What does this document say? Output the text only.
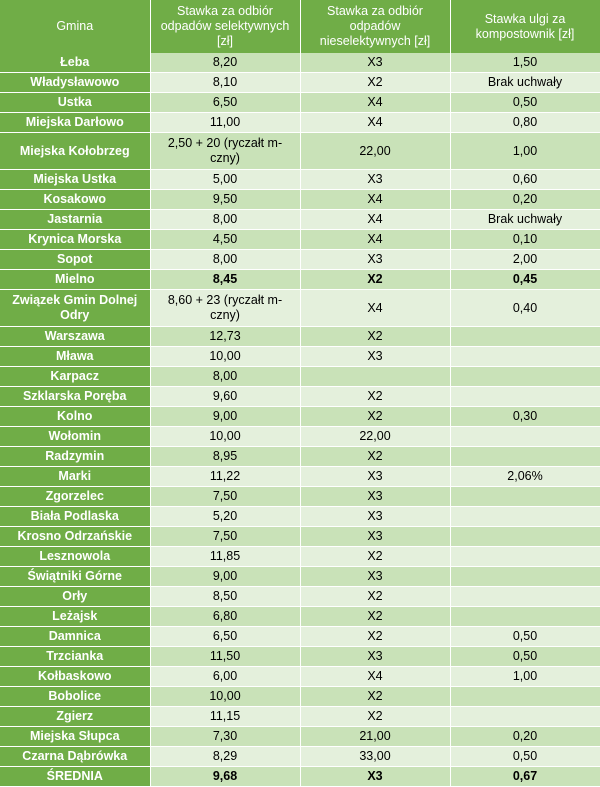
Gmina	Stawka za odbiór odpadów selektywnych [zł]	Stawka za odbiór odpadów nieselektywnych [zł]	Stawka ulgi za kompostownik [zł]
Łeba	8,20	X3	1,50
Władysławowo	8,10	X2	Brak uchwały
Ustka	6,50	X4	0,50
Miejska Darłowo	11,00	X4	0,80
Miejska Kołobrzeg	2,50 + 20 (ryczałt m-czny)	22,00	1,00
Miejska Ustka	5,00	X3	0,60
Kosakowo	9,50	X4	0,20
Jastarnia	8,00	X4	Brak uchwały
Krynica Morska	4,50	X4	0,10
Sopot	8,00	X3	2,00
Mielno	8,45	X2	0,45
Związek Gmin Dolnej Odry	8,60 + 23 (ryczałt m-czny)	X4	0,40
Warszawa	12,73	X2	
Mława	10,00	X3	
Karpacz	8,00		
Szklarska Poręba	9,60	X2	
Kolno	9,00	X2	0,30
Wołomin	10,00	22,00	
Radzymin	8,95	X2	
Marki	11,22	X3	2,06%
Zgorzelec	7,50	X3	
Biała Podlaska	5,20	X3	
Krosno Odrzańskie	7,50	X3	
Lesznowola	11,85	X2	
Świątniki Górne	9,00	X3	
Orły	8,50	X2	
Leżajsk	6,80	X2	
Damnica	6,50	X2	0,50
Trzcianka	11,50	X3	0,50
Kołbaskowo	6,00	X4	1,00
Bobolice	10,00	X2	
Zgierz	11,15	X2	
Miejska Słupca	7,30	21,00	0,20
Czarna Dąbrówka	8,29	33,00	0,50
ŚREDNIA	9,68	X3	0,67
